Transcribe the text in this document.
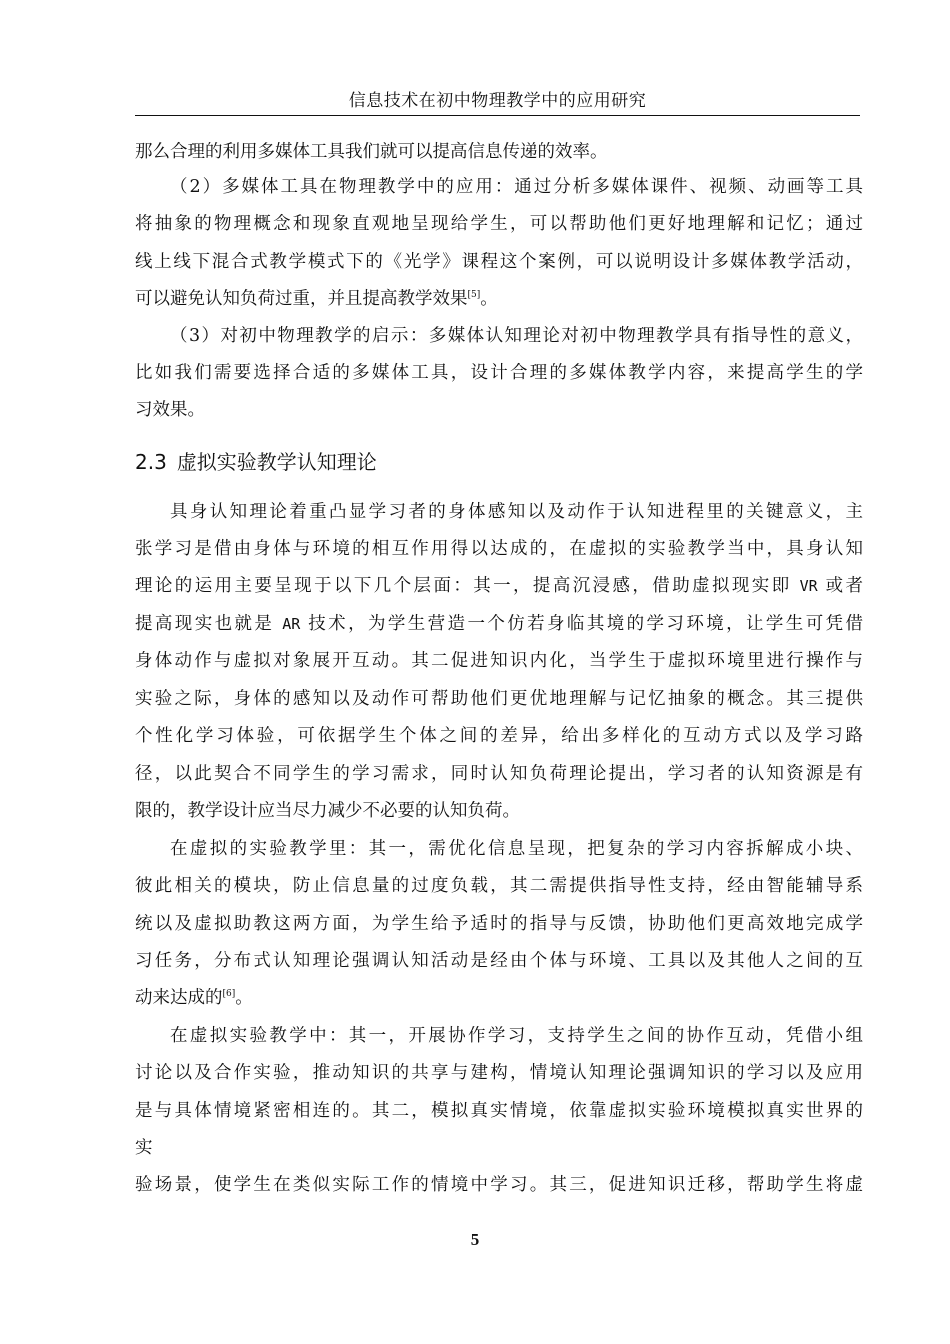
信息技术在初中物理教学中的应用研究
那么合理的利用多媒体工具我们就可以提高信息传递的效率。
（2）多媒体工具在物理教学中的应用：通过分析多媒体课件、视频、动画等工具
将抽象的物理概念和现象直观地呈现给学生，可以帮助他们更好地理解和记忆；通过
线上线下混合式教学模式下的《光学》课程这个案例，可以说明设计多媒体教学活动，
可以避免认知负荷过重，并且提高教学效果[5]。
（3）对初中物理教学的启示：多媒体认知理论对初中物理教学具有指导性的意义，
比如我们需要选择合适的多媒体工具，设计合理的多媒体教学内容，来提高学生的学
习效果。
2.3 虚拟实验教学认知理论
具身认知理论着重凸显学习者的身体感知以及动作于认知进程里的关键意义，主
张学习是借由身体与环境的相互作用得以达成的，在虚拟的实验教学当中，具身认知
理论的运用主要呈现于以下几个层面：其一，提高沉浸感，借助虚拟现实即 VR 或者
提高现实也就是 AR 技术，为学生营造一个仿若身临其境的学习环境，让学生可凭借
身体动作与虚拟对象展开互动。其二促进知识内化，当学生于虚拟环境里进行操作与
实验之际，身体的感知以及动作可帮助他们更优地理解与记忆抽象的概念。其三提供
个性化学习体验，可依据学生个体之间的差异，给出多样化的互动方式以及学习路
径，以此契合不同学生的学习需求，同时认知负荷理论提出，学习者的认知资源是有
限的，教学设计应当尽力减少不必要的认知负荷。
在虚拟的实验教学里：其一，需优化信息呈现，把复杂的学习内容拆解成小块、
彼此相关的模块，防止信息量的过度负载，其二需提供指导性支持，经由智能辅导系
统以及虚拟助教这两方面，为学生给予适时的指导与反馈，协助他们更高效地完成学
习任务，分布式认知理论强调认知活动是经由个体与环境、工具以及其他人之间的互
动来达成的[6]。
在虚拟实验教学中：其一，开展协作学习，支持学生之间的协作互动，凭借小组
讨论以及合作实验，推动知识的共享与建构，情境认知理论强调知识的学习以及应用
是与具体情境紧密相连的。其二，模拟真实情境，依靠虚拟实验环境模拟真实世界的
实
验场景，使学生在类似实际工作的情境中学习。其三，促进知识迁移，帮助学生将虚
5
